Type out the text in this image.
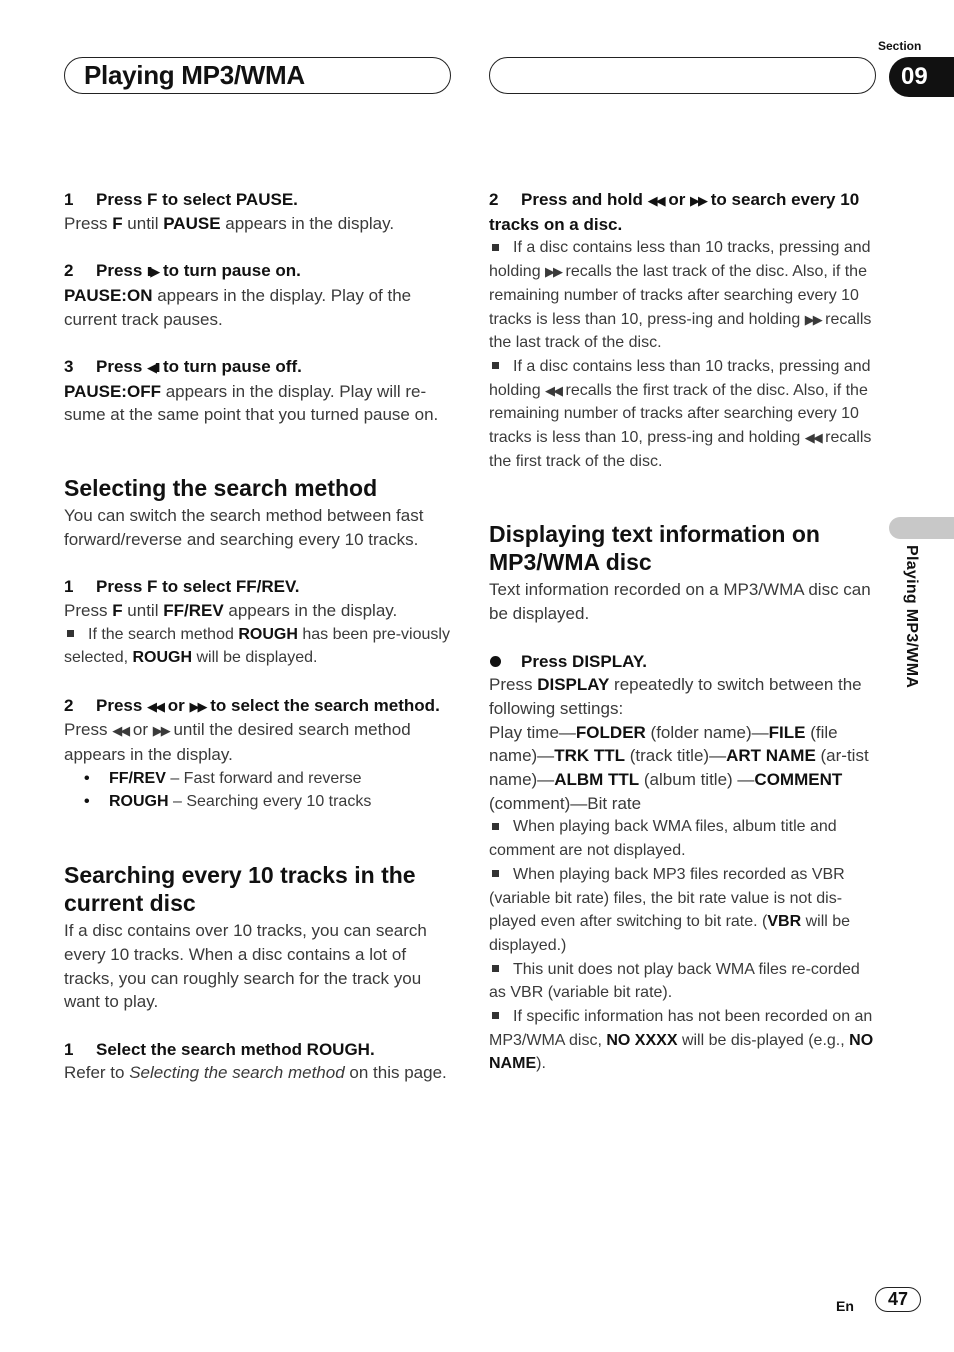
Playing MP3/WMA
Section
09
Playing MP3/WMA

1 Press F to select PAUSE.

Press F until PAUSE appears in the display.

2 Press II▶ to turn pause on.

PAUSE:ON appears in the display. Play of the current track pauses.

3 Press ◀II to turn pause off.

PAUSE:OFF appears in the display. Play will re-sume at the same point that you turned pause on.

Selecting the search method

You can switch the search method between fast forward/reverse and searching every 10 tracks.

1 Press F to select FF/REV.

Press F until FF/REV appears in the display.

If the search method ROUGH has been pre-viously selected, ROUGH will be displayed.

2 Press ◀◀ or ▶▶ to select the search method.

Press ◀◀ or ▶▶ until the desired search method appears in the display.

• FF/REV – Fast forward and reverse

• ROUGH – Searching every 10 tracks

Searching every 10 tracks in the current disc

If a disc contains over 10 tracks, you can search every 10 tracks. When a disc contains a lot of tracks, you can roughly search for the track you want to play.

1 Select the search method ROUGH.

Refer to Selecting the search method on this page.

2 Press and hold ◀◀ or ▶▶ to search every 10 tracks on a disc.

If a disc contains less than 10 tracks, pressing and holding ▶▶ recalls the last track of the disc. Also, if the remaining number of tracks after searching every 10 tracks is less than 10, press-ing and holding ▶▶ recalls the last track of the disc.

If a disc contains less than 10 tracks, pressing and holding ◀◀ recalls the first track of the disc. Also, if the remaining number of tracks after searching every 10 tracks is less than 10, press-ing and holding ◀◀ recalls the first track of the disc.

Displaying text information on MP3/WMA disc

Text information recorded on a MP3/WMA disc can be displayed.

Press DISPLAY.

Press DISPLAY repeatedly to switch between the following settings:

Play time—FOLDER (folder name)—FILE (file name)—TRK TTL (track title)—ART NAME (ar-tist name)—ALBM TTL (album title) —COMMENT (comment)—Bit rate

When playing back WMA files, album title and comment are not displayed.

When playing back MP3 files recorded as VBR (variable bit rate) files, the bit rate value is not dis-played even after switching to bit rate. (VBR will be displayed.)

This unit does not play back WMA files re-corded as VBR (variable bit rate).

If specific information has not been recorded on an MP3/WMA disc, NO XXXX will be dis-played (e.g., NO NAME).

En	47
